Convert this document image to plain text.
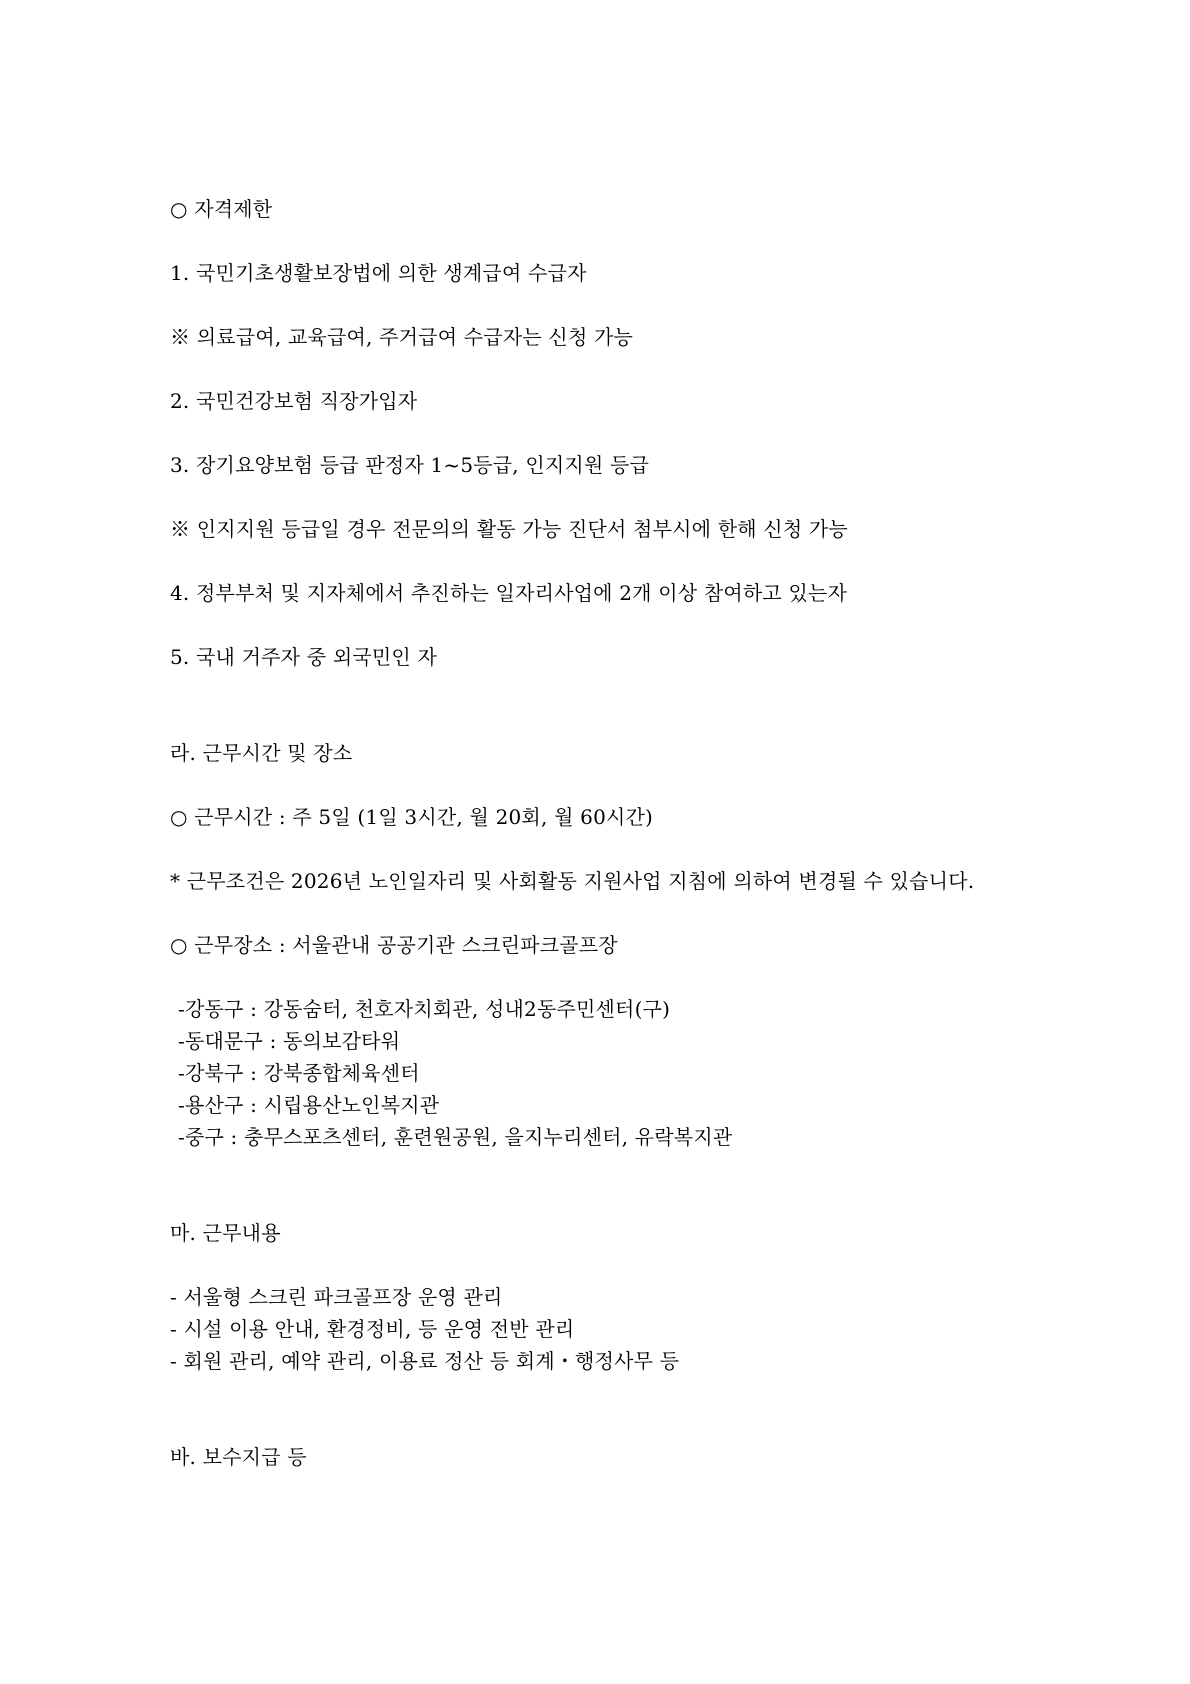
○ 자격제한
1. 국민기초생활보장법에 의한 생계급여 수급자
※ 의료급여, 교육급여, 주거급여 수급자는 신청 가능
2. 국민건강보험 직장가입자
3. 장기요양보험 등급 판정자 1~5등급, 인지지원 등급
※ 인지지원 등급일 경우 전문의의 활동 가능 진단서 첨부시에 한해 신청 가능
4. 정부부처 및 지자체에서 추진하는 일자리사업에 2개 이상 참여하고 있는자
5. 국내 거주자 중 외국민인 자
라. 근무시간 및 장소
○ 근무시간 : 주 5일 (1일 3시간, 월 20회, 월 60시간)
* 근무조건은 2026년 노인일자리 및 사회활동 지원사업 지침에 의하여 변경될 수 있습니다.
○ 근무장소 : 서울관내 공공기관 스크린파크골프장
-강동구 : 강동숨터, 천호자치회관, 성내2동주민센터(구)
-동대문구 : 동의보감타워
-강북구 : 강북종합체육센터
-용산구 : 시립용산노인복지관
-중구 : 충무스포츠센터, 훈련원공원, 을지누리센터, 유락복지관
마. 근무내용
- 서울형 스크린 파크골프장 운영 관리
- 시설 이용 안내, 환경정비, 등 운영 전반 관리
- 회원 관리, 예약 관리, 이용료 정산 등 회계・행정사무 등
바. 보수지급 등
